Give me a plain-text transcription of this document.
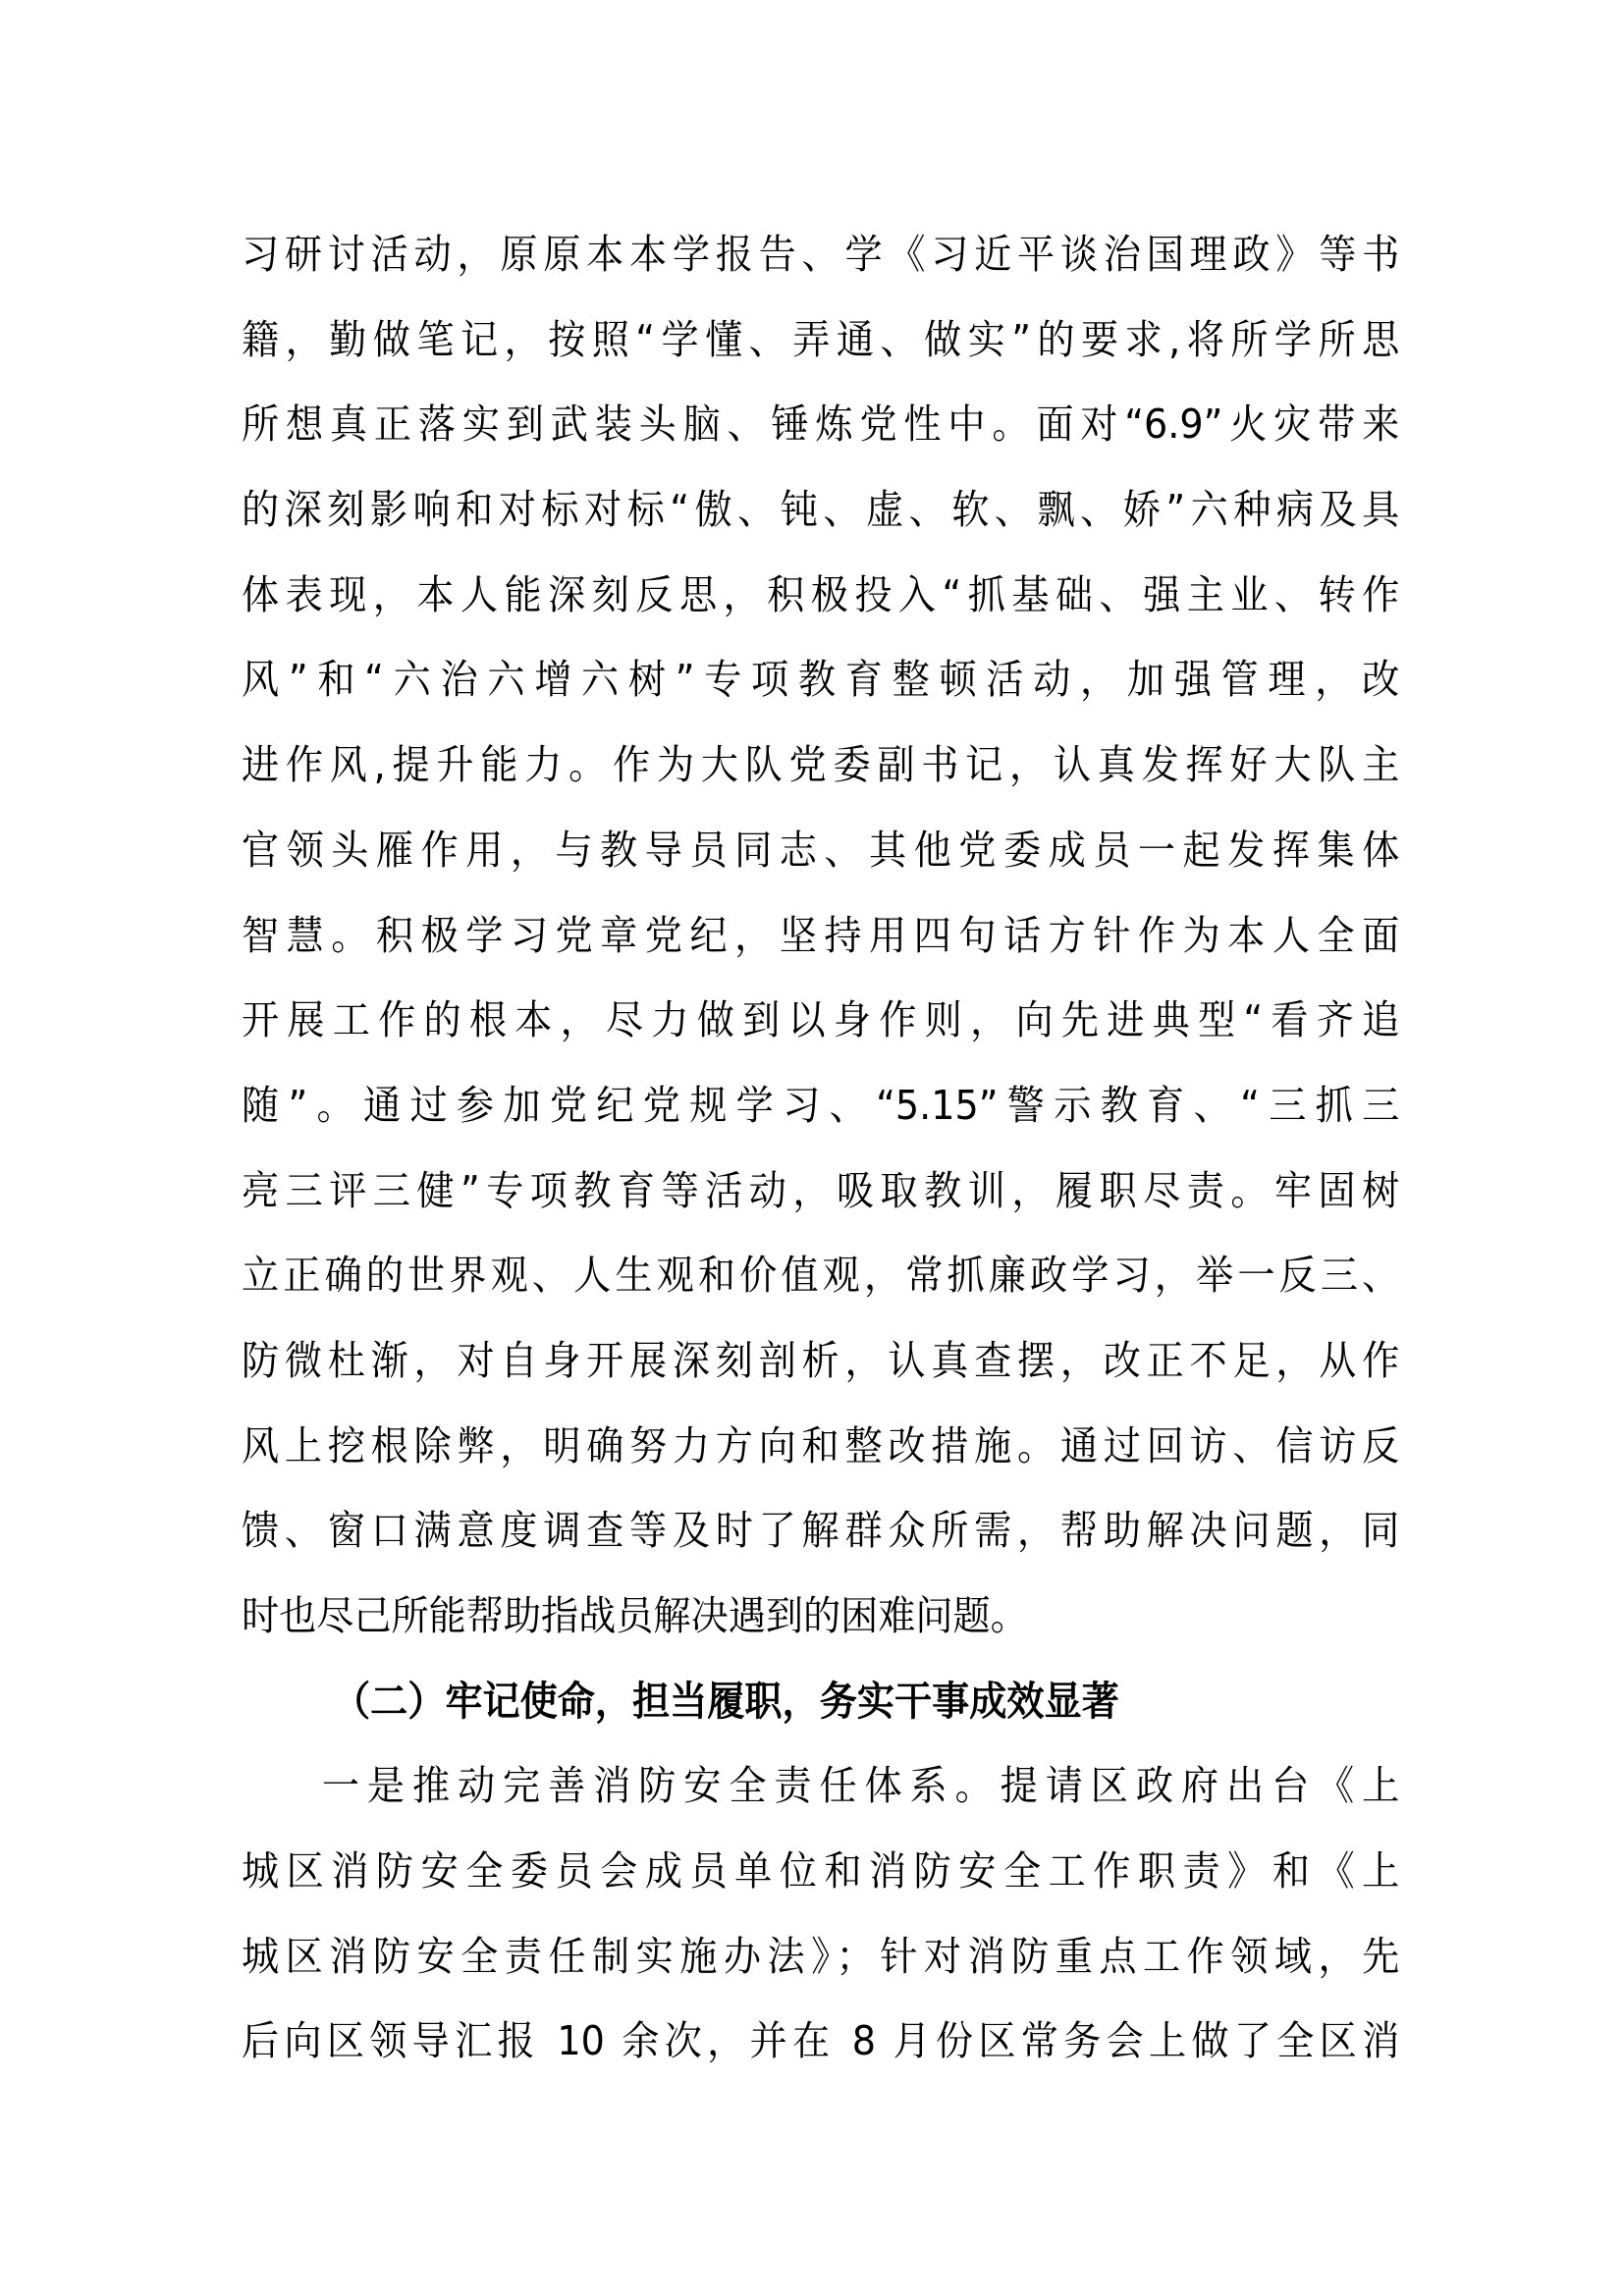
习研讨活动，原原本本学报告、学《习近平谈治国理政》等书
籍，勤做笔记，按照“学懂、弄通、做实”的要求,将所学所思
所想真正落实到武装头脑、锤炼党性中。面对“6.9”火灾带来
的深刻影响和对标对标“傲、钝、虚、软、飘、娇”六种病及具
体表现，本人能深刻反思，积极投入“抓基础、强主业、转作
风”和“六治六增六树”专项教育整顿活动，加强管理，改
进作风,提升能力。作为大队党委副书记，认真发挥好大队主
官领头雁作用，与教导员同志、其他党委成员一起发挥集体
智慧。积极学习党章党纪，坚持用四句话方针作为本人全面
开展工作的根本，尽力做到以身作则，向先进典型“看齐追
随”。通过参加党纪党规学习、“5.15”警示教育、“三抓三
亮三评三健”专项教育等活动，吸取教训，履职尽责。牢固树
立正确的世界观、人生观和价值观，常抓廉政学习，举一反三、
防微杜渐，对自身开展深刻剖析，认真查摆，改正不足，从作
风上挖根除弊，明确努力方向和整改措施。通过回访、信访反
馈、窗口满意度调查等及时了解群众所需，帮助解决问题，同
时也尽己所能帮助指战员解决遇到的困难问题。
（二）牢记使命，担当履职，务实干事成效显著
一是推动完善消防安全责任体系。提请区政府出台《上
城区消防安全委员会成员单位和消防安全工作职责》和《上
城区消防安全责任制实施办法》；针对消防重点工作领域，先
后向区领导汇报 10 余次，并在 8 月份区常务会上做了全区消
